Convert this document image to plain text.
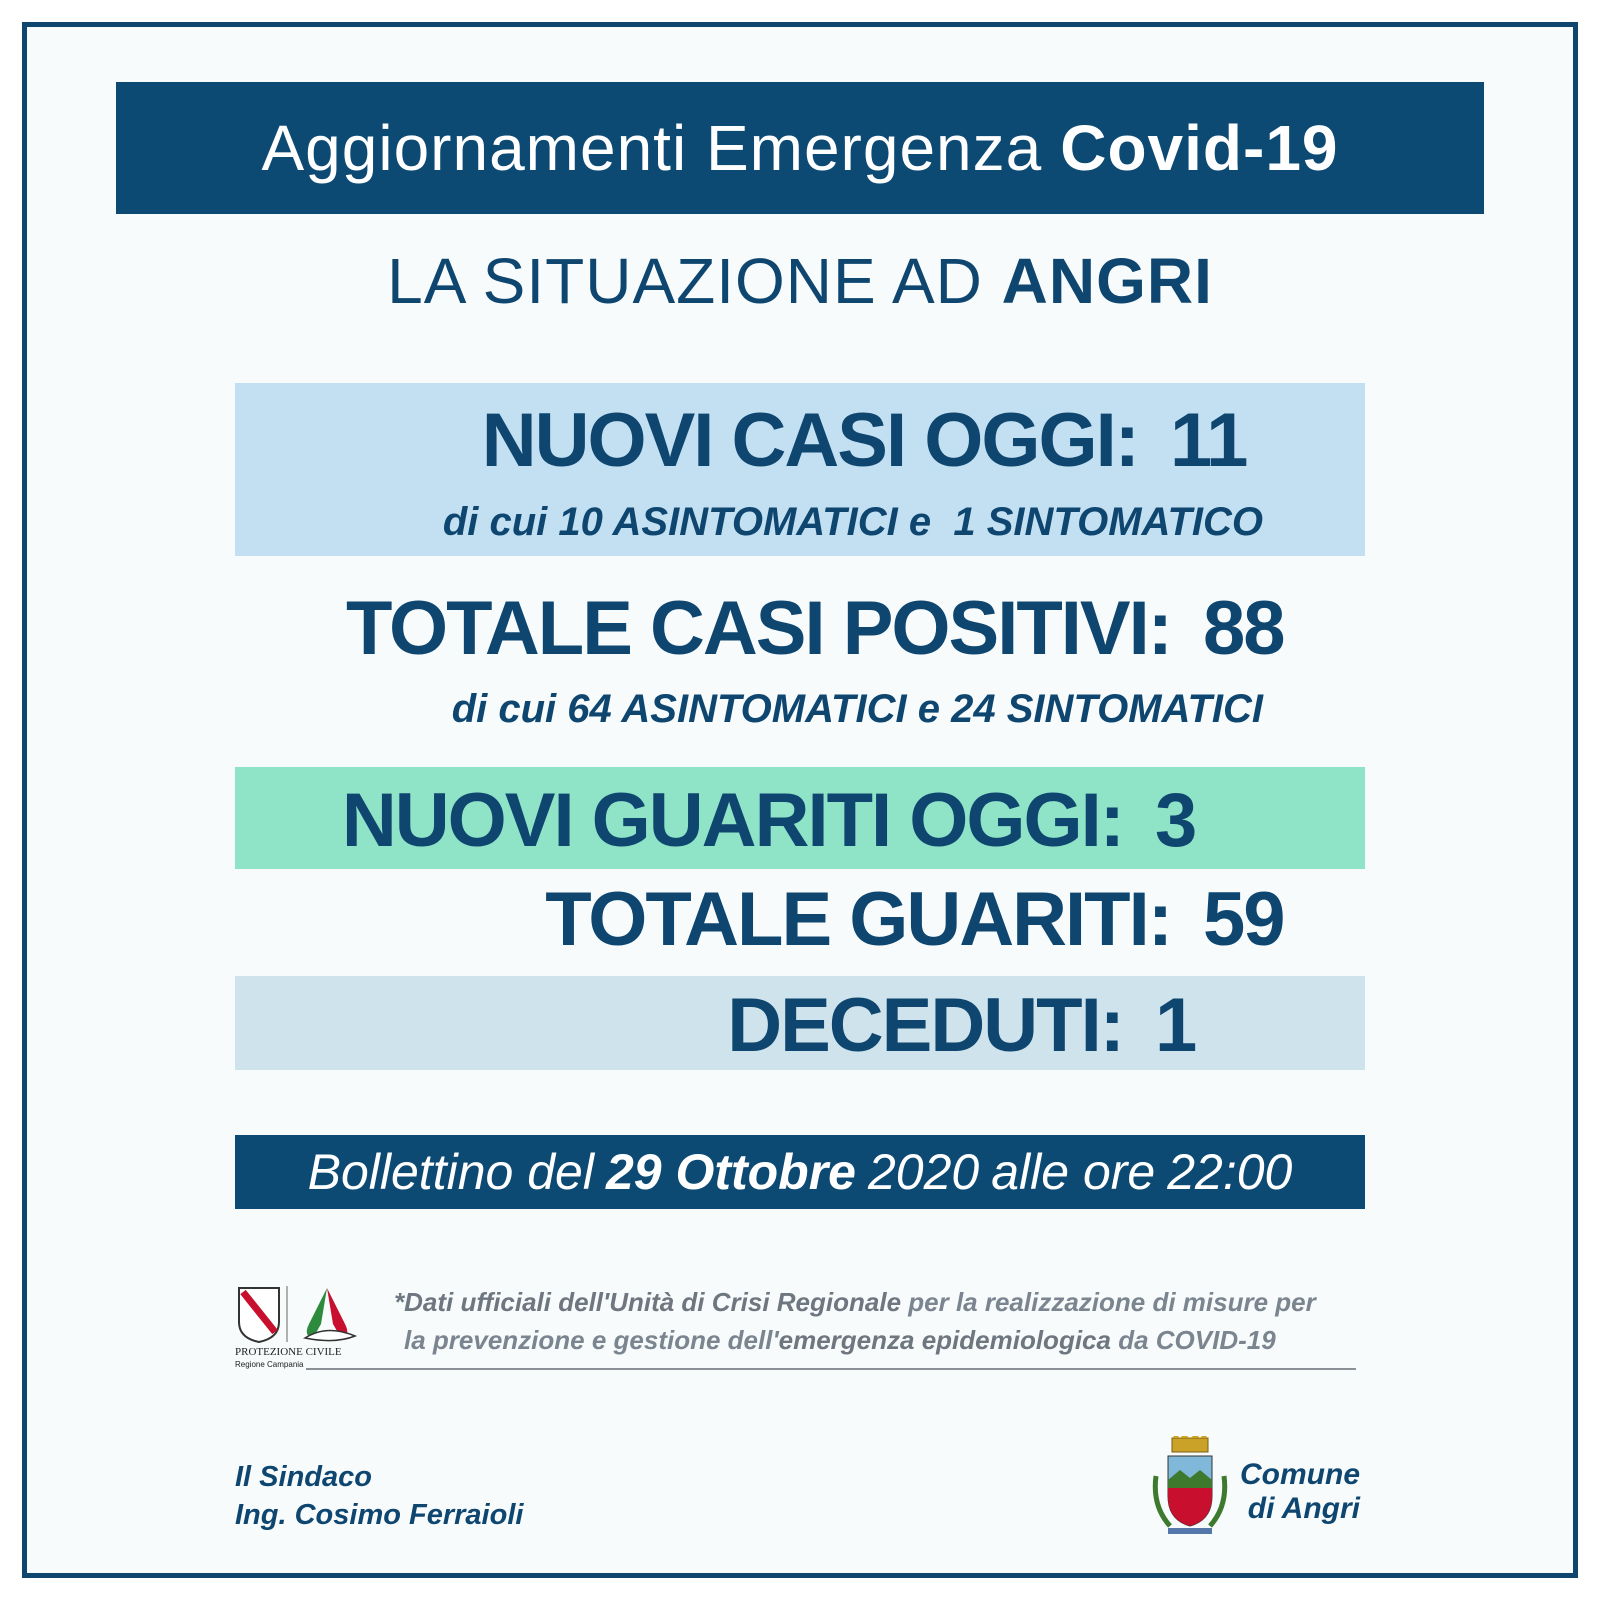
Aggiornamenti Emergenza Covid-19
LA SITUAZIONE AD ANGRI
NUOVI CASI OGGI: 11
di cui 10 ASINTOMATICI e 1 SINTOMATICO
TOTALE CASI POSITIVI: 88
di cui 64 ASINTOMATICI e 24 SINTOMATICI
NUOVI GUARITI OGGI: 3
TOTALE GUARITI: 59
DECEDUTI: 1
Bollettino del 29 Ottobre 2020 alle ore 22:00
PROTEZIONE CIVILE
Regione Campania
*Dati ufficiali dell'Unità di Crisi Regionale per la realizzazione di misure per
la prevenzione e gestione dell'emergenza epidemiologica da COVID-19
Il Sindaco
Ing. Cosimo Ferraioli
Comune
di Angri
